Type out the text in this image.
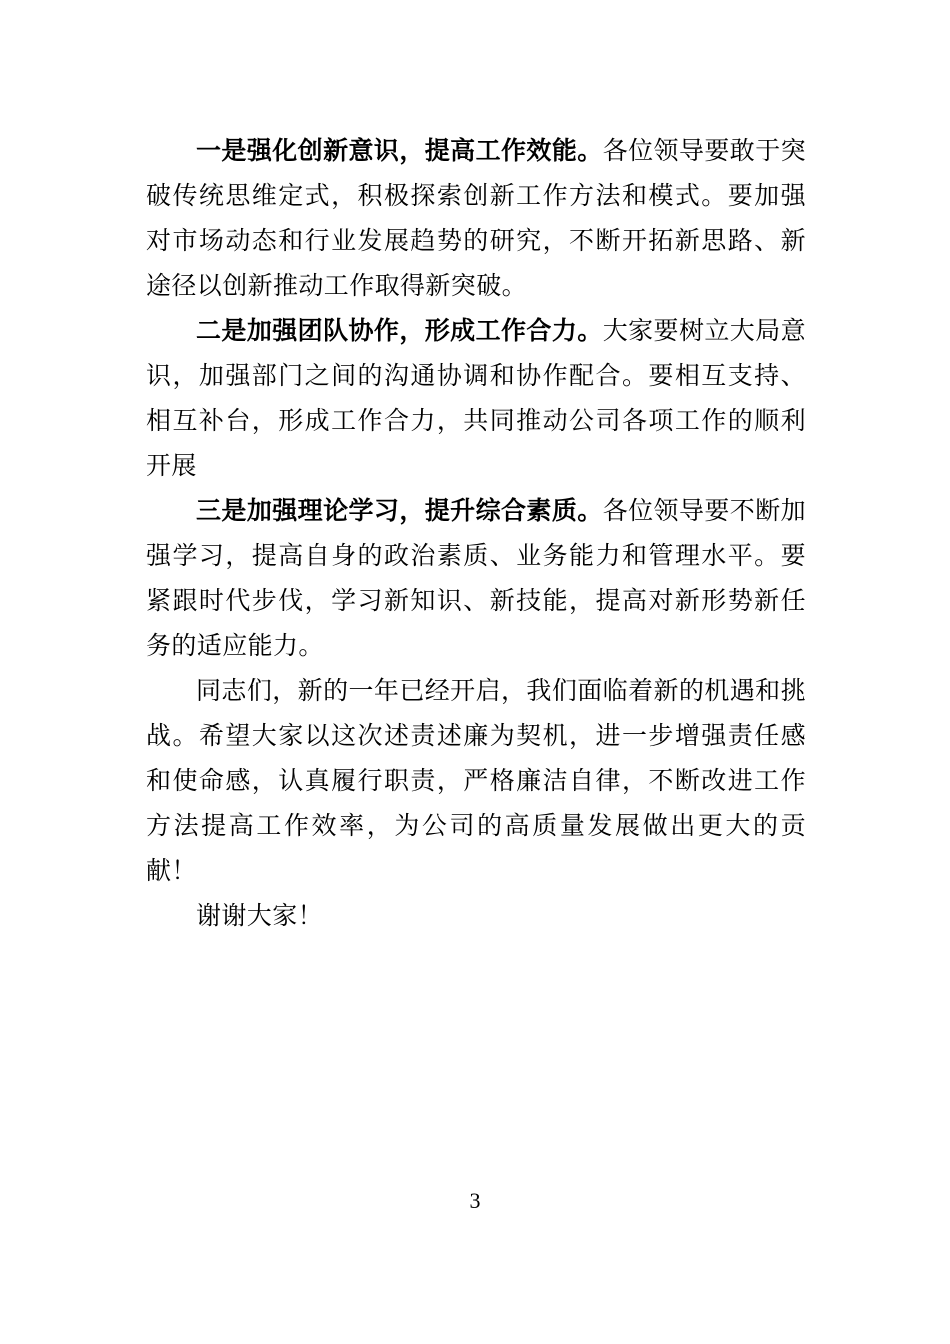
一是强化创新意识，提高工作效能。各位领导要敢于突破传统思维定式，积极探索创新工作方法和模式。要加强对市场动态和行业发展趋势的研究，不断开拓新思路、新途径以创新推动工作取得新突破。

二是加强团队协作，形成工作合力。大家要树立大局意识，加强部门之间的沟通协调和协作配合。要相互支持、相互补台，形成工作合力，共同推动公司各项工作的顺利开展

三是加强理论学习，提升综合素质。各位领导要不断加强学习，提高自身的政治素质、业务能力和管理水平。要紧跟时代步伐，学习新知识、新技能，提高对新形势新任务的适应能力。

同志们，新的一年已经开启，我们面临着新的机遇和挑战。希望大家以这次述责述廉为契机，进一步增强责任感和使命感，认真履行职责，严格廉洁自律，不断改进工作方法提高工作效率，为公司的高质量发展做出更大的贡献！

谢谢大家！

3
